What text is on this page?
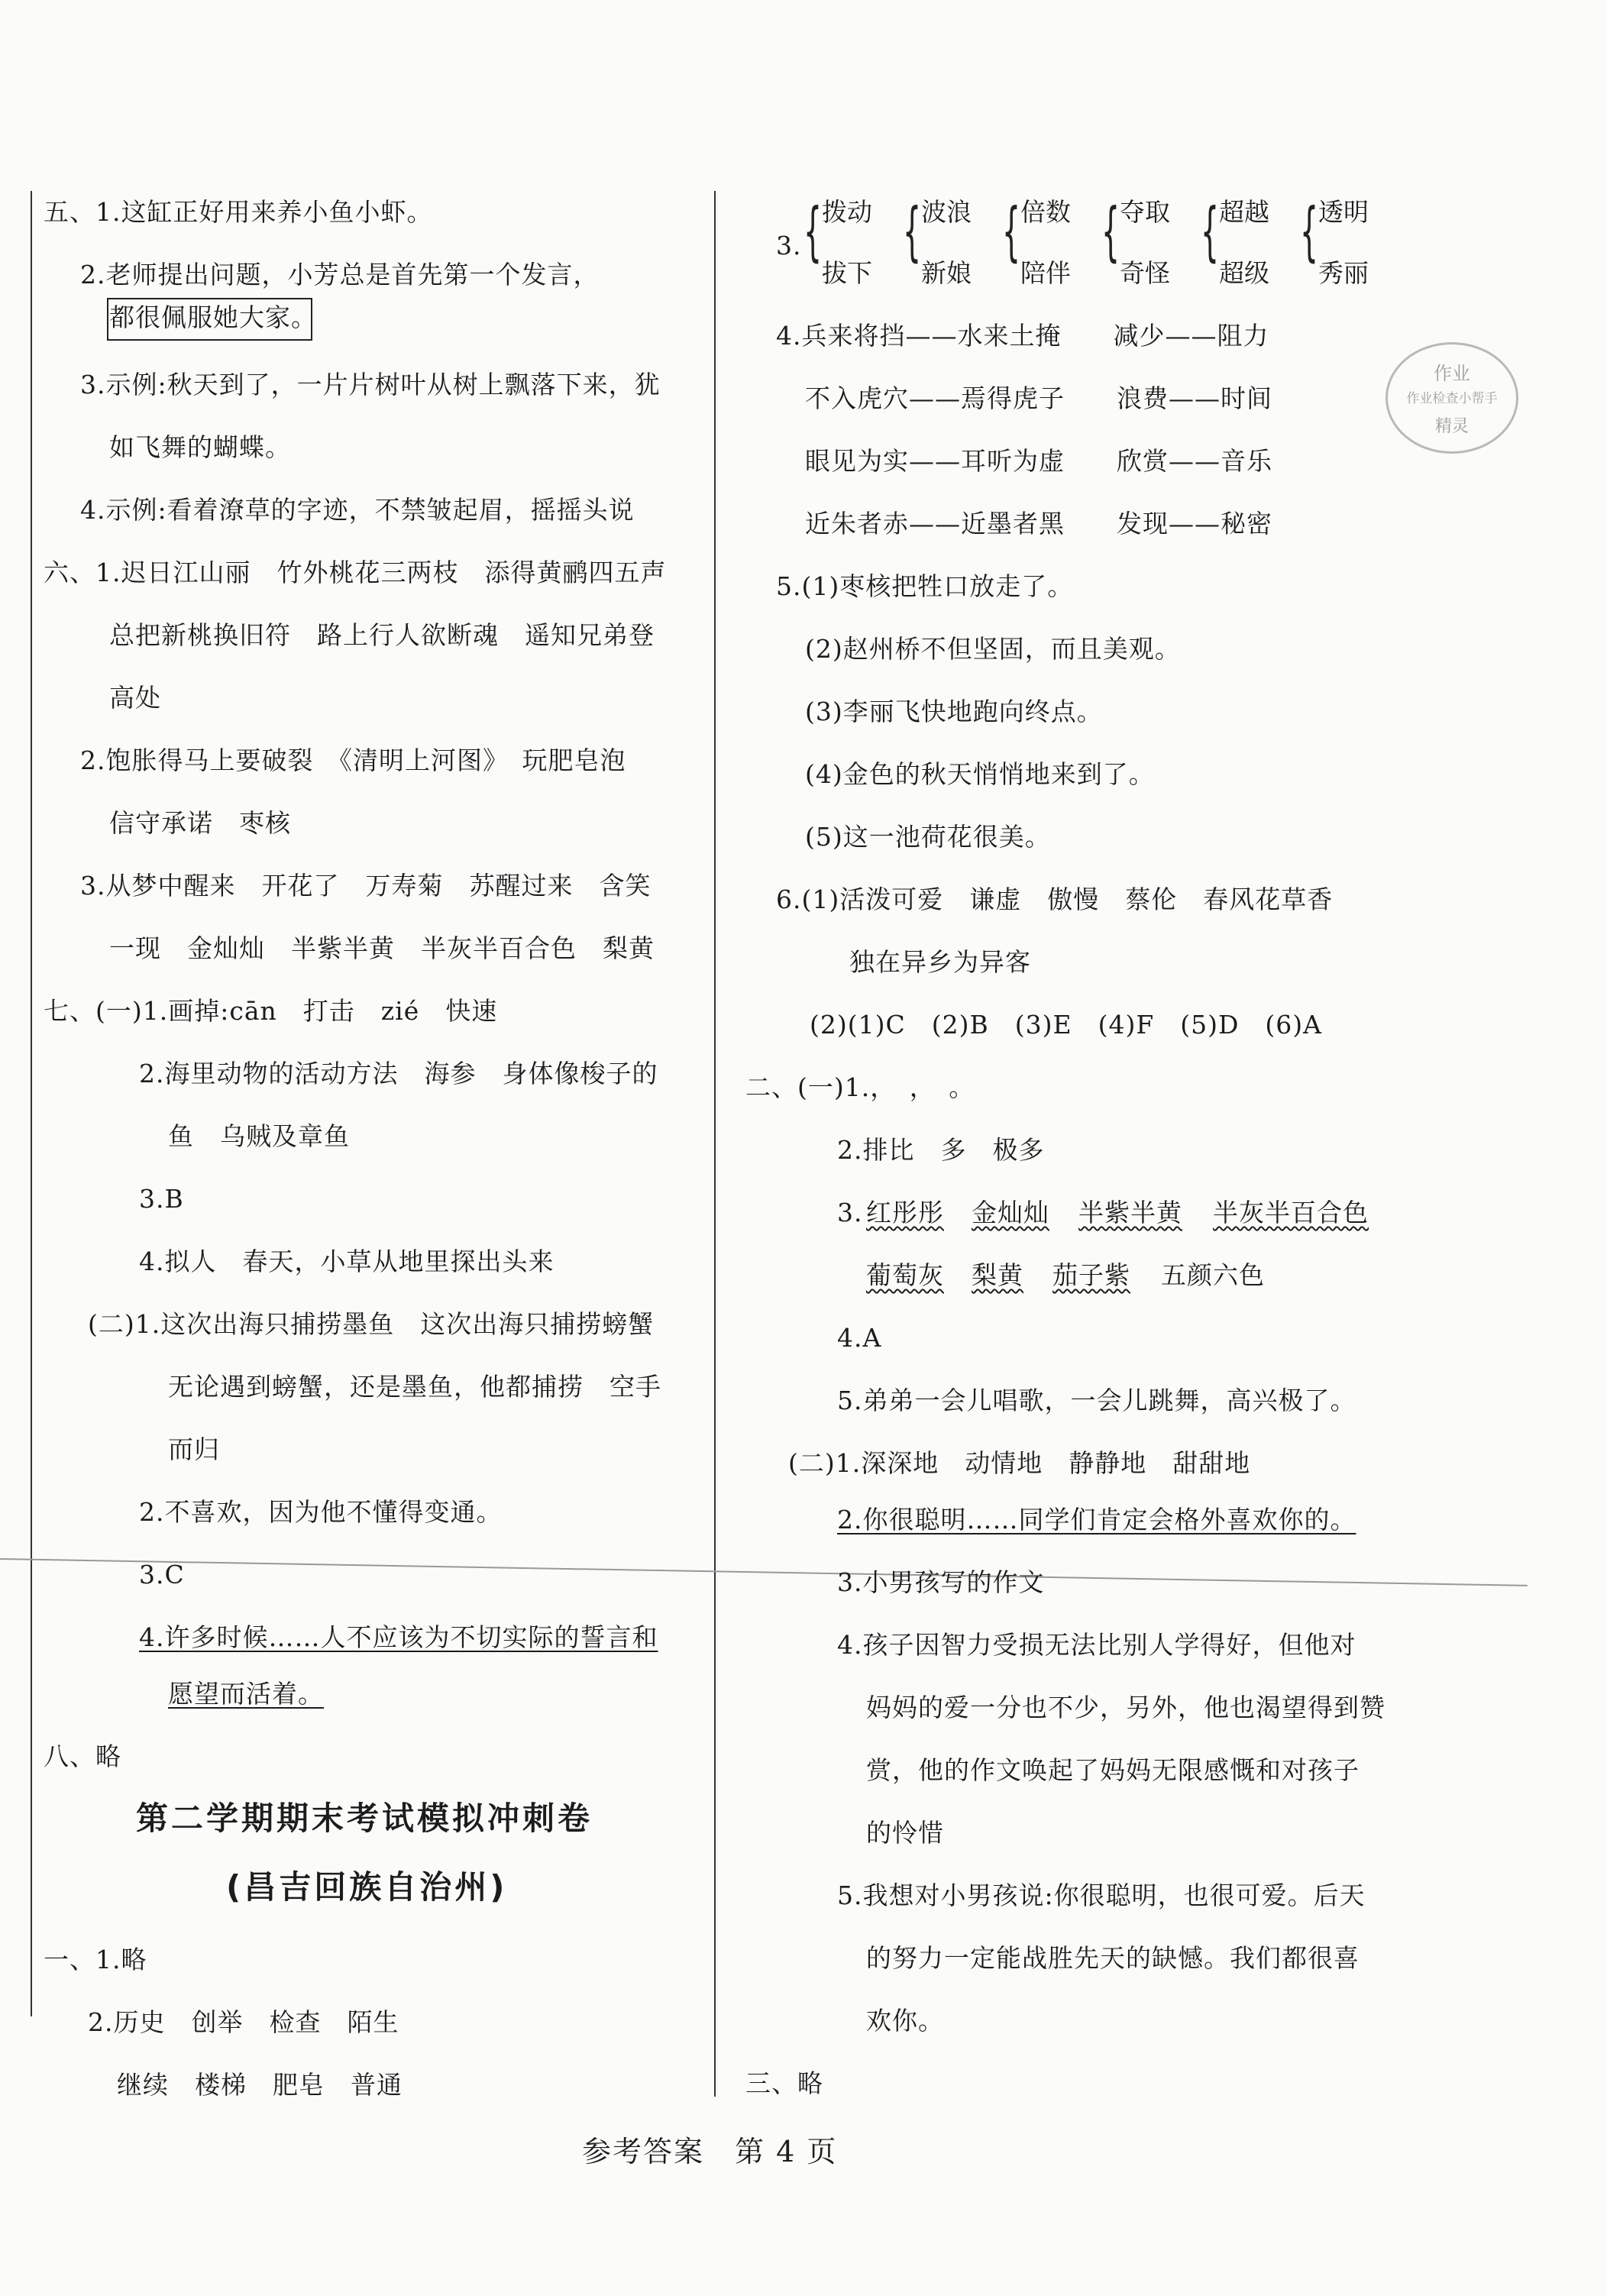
五、1.这缸正好用来养小鱼小虾。
2.老师提出问题，小芳总是首先第一个发言，
都很佩服她大家。
3.示例:秋天到了，一片片树叶从树上飘落下来，犹
如飞舞的蝴蝶。
4.示例:看着潦草的字迹，不禁皱起眉，摇摇头说
六、1.迟日江山丽　竹外桃花三两枝　添得黄鹂四五声
总把新桃换旧符　路上行人欲断魂　遥知兄弟登
高处
2.饱胀得马上要破裂　《清明上河图》　玩肥皂泡
信守承诺　枣核
3.从梦中醒来　开花了　万寿菊　苏醒过来　含笑
一现　金灿灿　半紫半黄　半灰半百合色　梨黄
七、(一)1.画掉:cān　打击　zié　快速
2.海里动物的活动方法　海参　身体像梭子的
鱼　乌贼及章鱼
3.B
4.拟人　春天，小草从地里探出头来
(二)1.这次出海只捕捞墨鱼　这次出海只捕捞螃蟹
无论遇到螃蟹，还是墨鱼，他都捕捞　空手
而归
2.不喜欢，因为他不懂得变通。
3.C
4.许多时候……人不应该为不切实际的誓言和
愿望而活着。
八、略
第二学期期末考试模拟冲刺卷
(昌吉回族自治州)
一、1.略
2.历史　创举　检查　陌生
继续　楼梯　肥皂　普通
3. { 拨动
拔下
{ 波浪
新娘
{ 倍数
陪伴
{ 夺取
奇怪
{ 超越
超级
{ 透明
秀丽
4.兵来将挡——水来土掩　　减少——阻力
不入虎穴——焉得虎子　　浪费——时间
眼见为实——耳听为虚　　欣赏——音乐
近朱者赤——近墨者黑　　发现——秘密
5.(1)枣核把牲口放走了。
(2)赵州桥不但坚固，而且美观。
(3)李丽飞快地跑向终点。
(4)金色的秋天悄悄地来到了。
(5)这一池荷花很美。
6.(1)活泼可爱　谦虚　傲慢　蔡伦　春风花草香
独在异乡为异客
(2)(1)C　(2)B　(3)E　(4)F　(5)D　(6)A
二、(一)1.，　，　。
2.排比　多　极多
3. 红彤彤 金灿灿 半紫半黄 半灰半百合色
葡萄灰 梨黄 茄子紫 五颜六色
4.A
5.弟弟一会儿唱歌，一会儿跳舞，高兴极了。
(二)1.深深地　动情地　静静地　甜甜地
2.你很聪明……同学们肯定会格外喜欢你的。
3.小男孩写的作文
4.孩子因智力受损无法比别人学得好，但他对
妈妈的爱一分也不少，另外，他也渴望得到赞
赏，他的作文唤起了妈妈无限感慨和对孩子
的怜惜
5.我想对小男孩说:你很聪明，也很可爱。后天
的努力一定能战胜先天的缺憾。我们都很喜
欢你。
三、略
作业
作业检查小帮手
精灵
参考答案　第 4 页
